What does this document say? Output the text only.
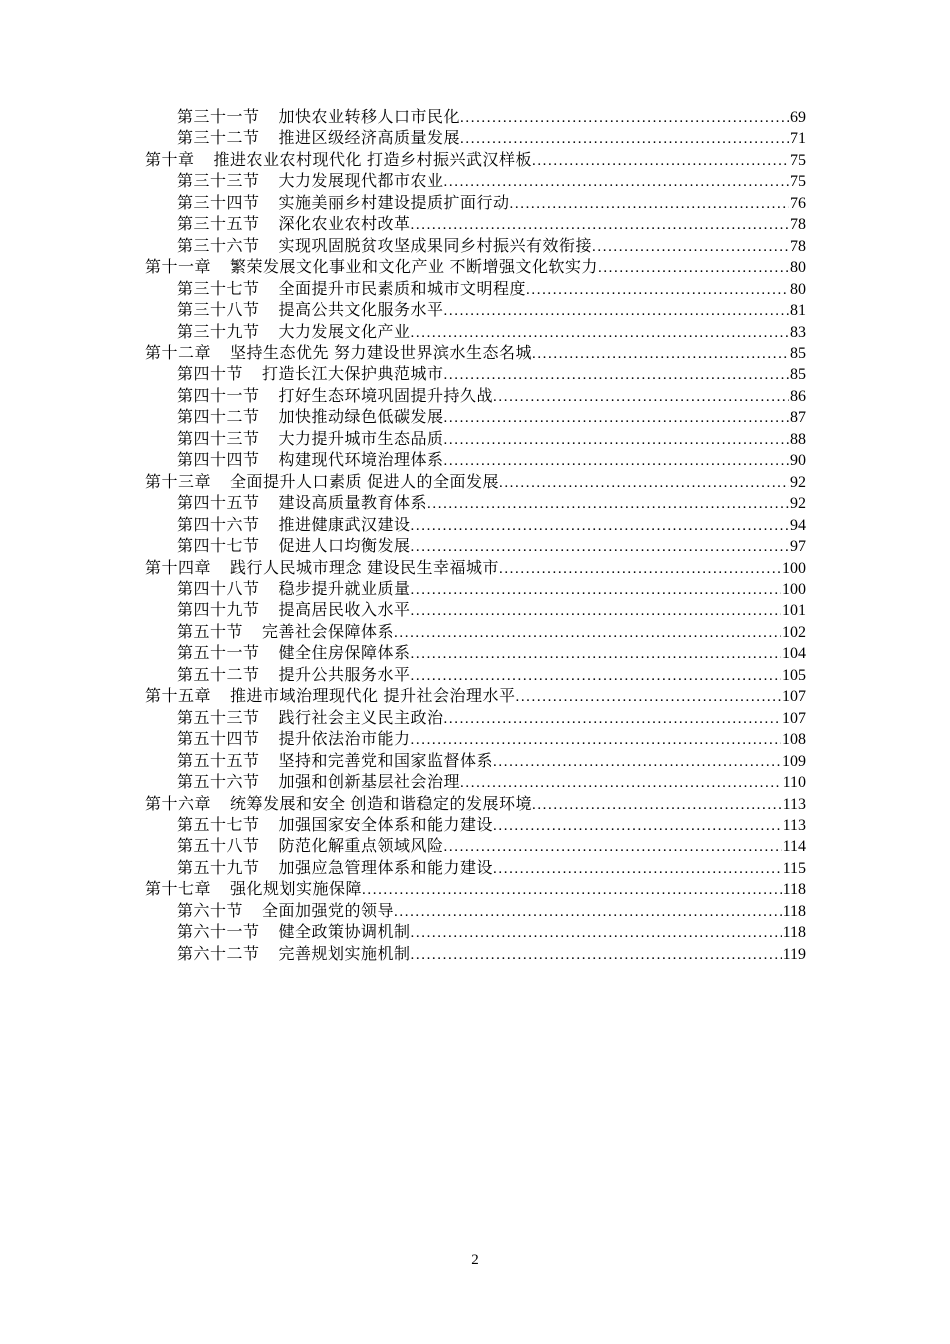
第三十一节 加快农业转移人口市民化 .....	69
第三十二节 推进区级经济高质量发展 .....	71
第十章 推进农业农村现代化 打造乡村振兴武汉样板 .....	75
第三十三节 大力发展现代都市农业 .....	75
第三十四节 实施美丽乡村建设提质扩面行动 .....	76
第三十五节 深化农业农村改革 .....	78
第三十六节 实现巩固脱贫攻坚成果同乡村振兴有效衔接 .....	78
第十一章 繁荣发展文化事业和文化产业 不断增强文化软实力 .....	80
第三十七节 全面提升市民素质和城市文明程度 .....	80
第三十八节 提高公共文化服务水平 .....	81
第三十九节 大力发展文化产业 .....	83
第十二章 坚持生态优先 努力建设世界滨水生态名城 .....	85
第四十节 打造长江大保护典范城市 .....	85
第四十一节 打好生态环境巩固提升持久战 .....	86
第四十二节 加快推动绿色低碳发展 .....	87
第四十三节 大力提升城市生态品质 .....	88
第四十四节 构建现代环境治理体系 .....	90
第十三章 全面提升人口素质 促进人的全面发展 .....	92
第四十五节 建设高质量教育体系 .....	92
第四十六节 推进健康武汉建设 .....	94
第四十七节 促进人口均衡发展 .....	97
第十四章 践行人民城市理念 建设民生幸福城市 .....	100
第四十八节 稳步提升就业质量 .....	100
第四十九节 提高居民收入水平 .....	101
第五十节 完善社会保障体系 .....	102
第五十一节 健全住房保障体系 .....	104
第五十二节 提升公共服务水平 .....	105
第十五章 推进市域治理现代化 提升社会治理水平 .....	107
第五十三节 践行社会主义民主政治 .....	107
第五十四节 提升依法治市能力 .....	108
第五十五节 坚持和完善党和国家监督体系 .....	109
第五十六节 加强和创新基层社会治理 .....	110
第十六章 统筹发展和安全 创造和谐稳定的发展环境 .....	113
第五十七节 加强国家安全体系和能力建设 .....	113
第五十八节 防范化解重点领域风险 .....	114
第五十九节 加强应急管理体系和能力建设 .....	115
第十七章 强化规划实施保障 .....	118
第六十节 全面加强党的领导 .....	118
第六十一节 健全政策协调机制 .....	118
第六十二节 完善规划实施机制 .....	119
2
